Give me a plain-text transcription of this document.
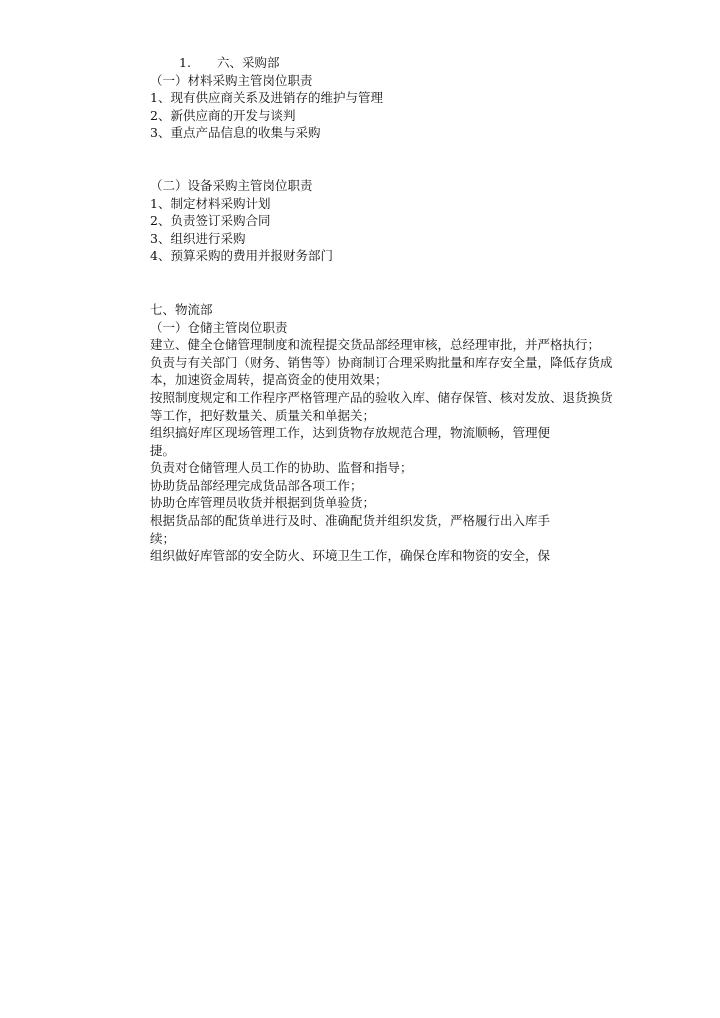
1. 六、采购部
（一）材料采购主管岗位职责
1、现有供应商关系及进销存的维护与管理
2、新供应商的开发与谈判
3、重点产品信息的收集与采购
（二）设备采购主管岗位职责
1、制定材料采购计划
2、负责签订采购合同
3、组织进行采购
4、预算采购的费用并报财务部门
七、物流部
（一）仓储主管岗位职责
建立、健全仓储管理制度和流程提交货品部经理审核，总经理审批，并严格执行；
负责与有关部门（财务、销售等）协商制订合理采购批量和库存安全量，降低存货成
本，加速资金周转，提高资金的使用效果；
按照制度规定和工作程序严格管理产品的验收入库、储存保管、核对发放、退货换货
等工作，把好数量关、质量关和单据关；
组织搞好库区现场管理工作，达到货物存放规范合理，物流顺畅，管理便
捷。
负责对仓储管理人员工作的协助、监督和指导；
协助货品部经理完成货品部各项工作；
协助仓库管理员收货并根据到货单验货；
根据货品部的配货单进行及时、准确配货并组织发货，严格履行出入库手
续；
组织做好库管部的安全防火、环境卫生工作，确保仓库和物资的安全，保
